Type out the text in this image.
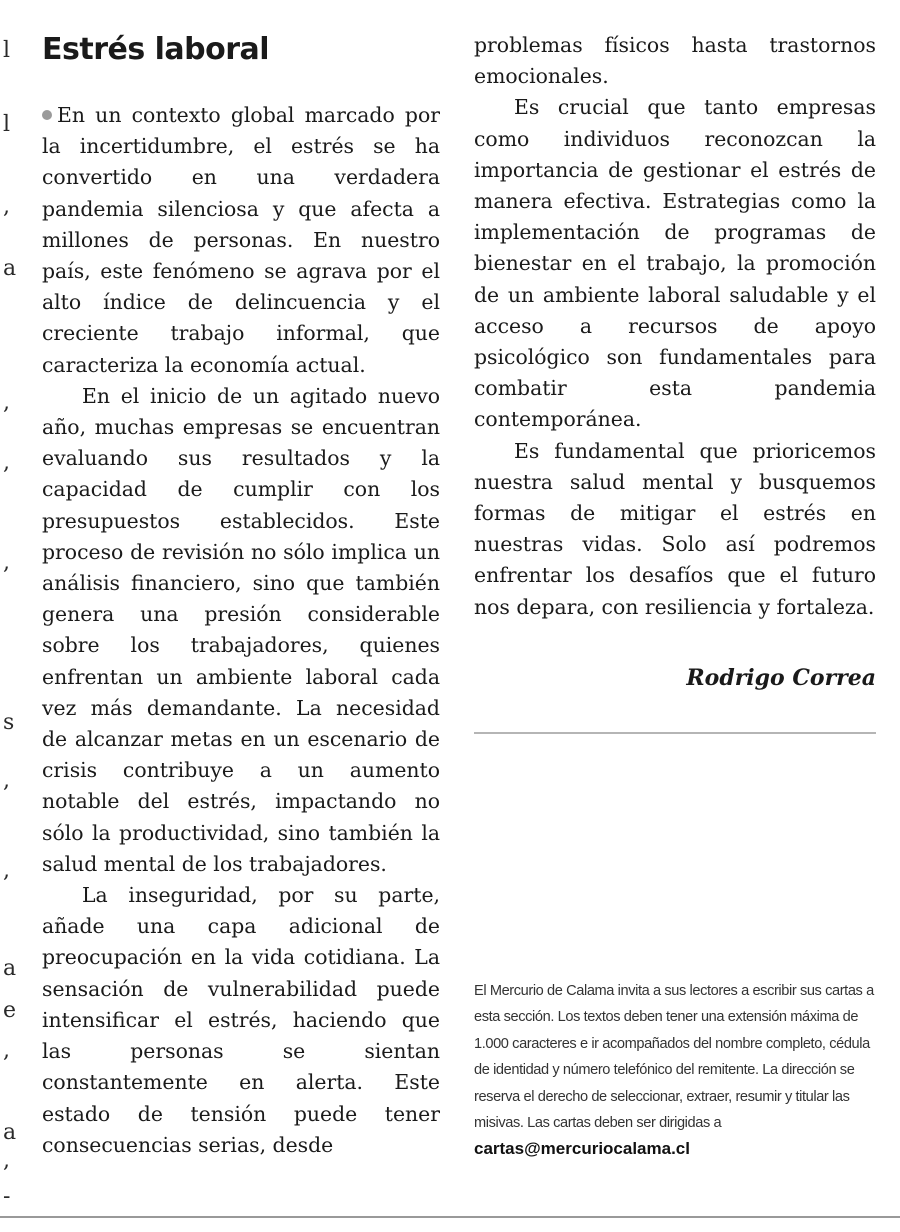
l
l
,
a
,
,
,
s
,
,
a
e
,
a
,
-
Estrés laboral

En un contexto global marcado por la incertidumbre, el estrés se ha convertido en una verdadera pandemia silenciosa y que afecta a millones de personas. En nuestro país, este fenómeno se agrava por el alto índice de delincuencia y el creciente trabajo informal, que caracteriza la economía actual.

En el inicio de un agitado nuevo año, muchas empresas se encuentran evaluando sus resultados y la capacidad de cumplir con los presupuestos establecidos. Este proceso de revisión no sólo implica un análisis financiero, sino que también genera una presión considerable sobre los trabajadores, quienes enfrentan un ambiente laboral cada vez más demandante. La necesidad de alcanzar metas en un escenario de crisis contribuye a un aumento notable del estrés, impactando no sólo la productividad, sino también la salud mental de los trabajadores.

La inseguridad, por su parte, añade una capa adicional de preocupación en la vida cotidiana. La sensación de vulnerabilidad puede intensificar el estrés, haciendo que las personas se sientan constantemente en alerta. Este estado de tensión puede tener consecuencias serias, desde

problemas físicos hasta trastornos emocionales.

Es crucial que tanto empresas como individuos reconozcan la importancia de gestionar el estrés de manera efectiva. Estrategias como la implementación de programas de bienestar en el trabajo, la promoción de un ambiente laboral saludable y el acceso a recursos de apoyo psicológico son fundamentales para combatir esta pandemia contemporánea.

Es fundamental que prioricemos nuestra salud mental y busquemos formas de mitigar el estrés en nuestras vidas. Solo así podremos enfrentar los desafíos que el futuro nos depara, con resiliencia y fortaleza.

Rodrigo Correa
El Mercurio de Calama invita a sus lectores a escribir sus cartas a esta sección. Los textos deben tener una extensión máxima de 1.000 caracteres e ir acompañados del nombre completo, cédula de identidad y número telefónico del remitente. La dirección se reserva el derecho de seleccionar, extraer, resumir y titular las misivas. Las cartas deben ser dirigidas a
cartas@mercuriocalama.cl
